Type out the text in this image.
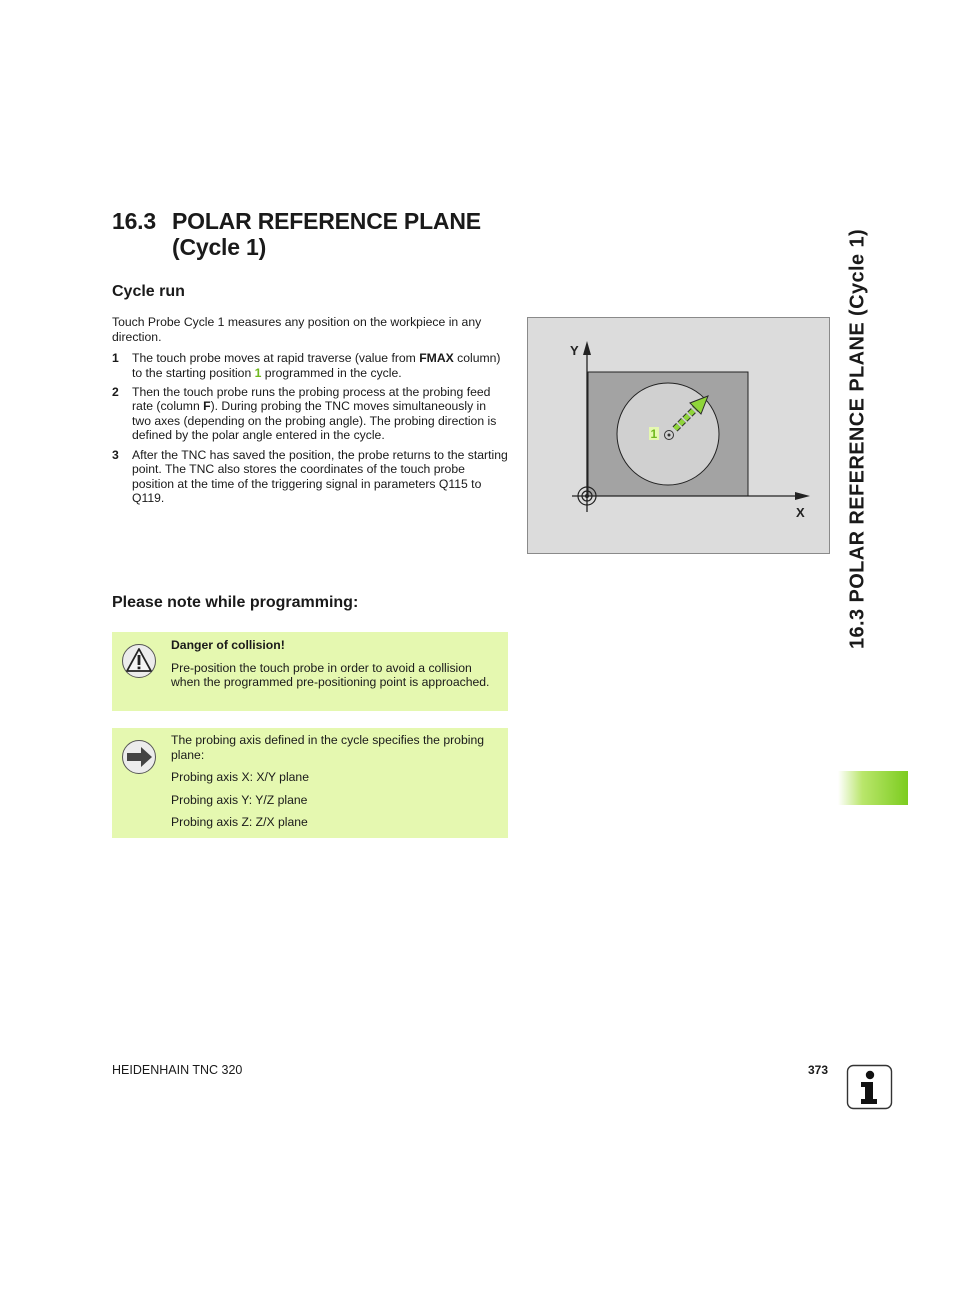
16.3 POLAR REFERENCE PLANE
(Cycle 1)
Cycle run
Touch Probe Cycle 1 measures any position on the workpiece in any direction.
1 The touch probe moves at rapid traverse (value from FMAX column) to the starting position 1 programmed in the cycle.
2 Then the touch probe runs the probing process at the probing feed rate (column F). During probing the TNC moves simultaneously in two axes (depending on the probing angle). The probing direction is defined by the polar angle entered in the cycle.
3 After the TNC has saved the position, the probe returns to the starting point. The TNC also stores the coordinates of the touch probe position at the time of the triggering signal in parameters Q115 to Q119.
1
Y
X
Please note while programming:

Danger of collision!

Pre-position the touch probe in order to avoid a collision when the programmed pre-positioning point is approached.

The probing axis defined in the cycle specifies the probing plane:

Probing axis X: X/Y plane

Probing axis Y: Y/Z plane

Probing axis Z: Z/X plane

16.3 POLAR REFERENCE PLANE (Cycle 1)
HEIDENHAIN TNC 320	373
